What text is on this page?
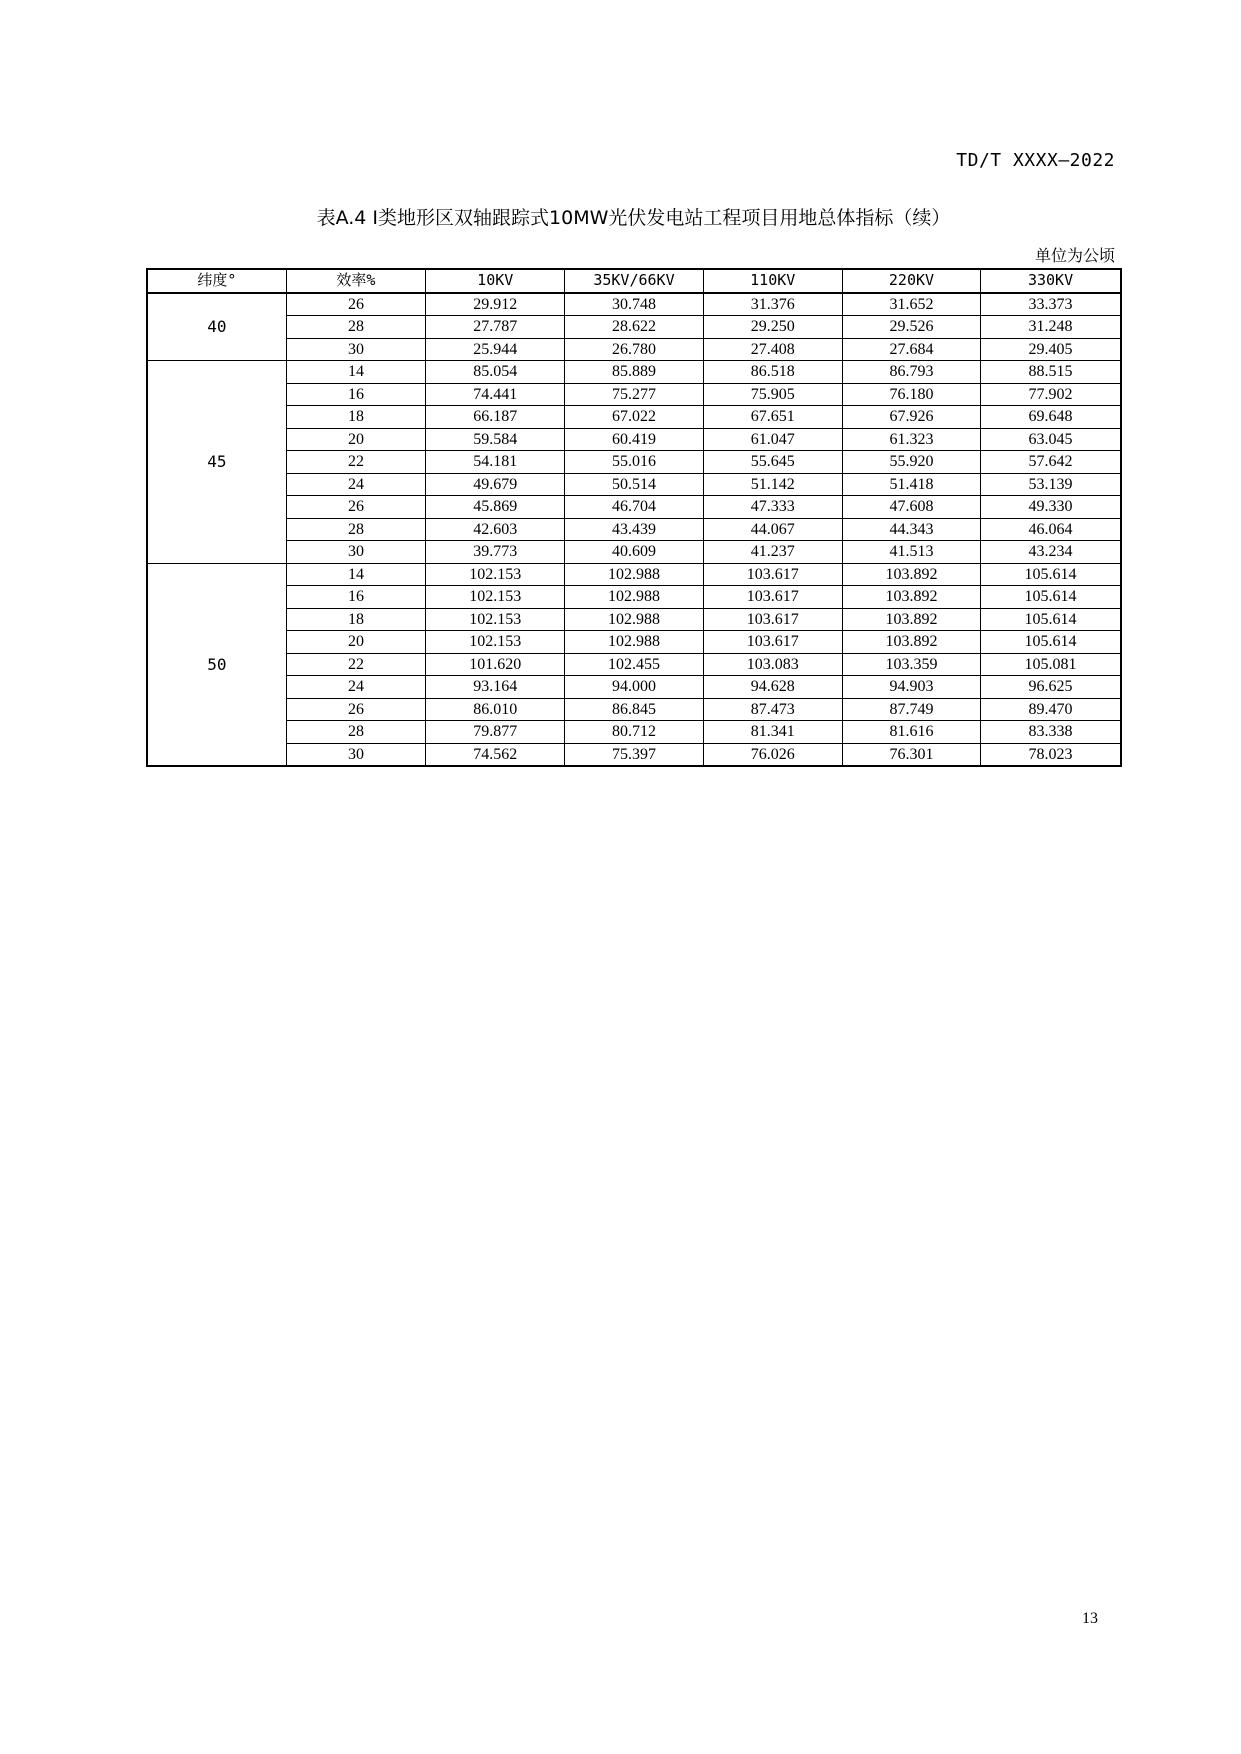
TD/T XXXX—2022
表A.4 Ⅰ类地形区双轴跟踪式10MW光伏发电站工程项目用地总体指标（续）
单位为公顷
纬度°	效率%	10KV	35KV/66KV	110KV	220KV	330KV
40	26	29.912	30.748	31.376	31.652	33.373
	28	27.787	28.622	29.250	29.526	31.248
	30	25.944	26.780	27.408	27.684	29.405
45	14	85.054	85.889	86.518	86.793	88.515
	16	74.441	75.277	75.905	76.180	77.902
	18	66.187	67.022	67.651	67.926	69.648
	20	59.584	60.419	61.047	61.323	63.045
	22	54.181	55.016	55.645	55.920	57.642
	24	49.679	50.514	51.142	51.418	53.139
	26	45.869	46.704	47.333	47.608	49.330
	28	42.603	43.439	44.067	44.343	46.064
	30	39.773	40.609	41.237	41.513	43.234
50	14	102.153	102.988	103.617	103.892	105.614
	16	102.153	102.988	103.617	103.892	105.614
	18	102.153	102.988	103.617	103.892	105.614
	20	102.153	102.988	103.617	103.892	105.614
	22	101.620	102.455	103.083	103.359	105.081
	24	93.164	94.000	94.628	94.903	96.625
	26	86.010	86.845	87.473	87.749	89.470
	28	79.877	80.712	81.341	81.616	83.338
	30	74.562	75.397	76.026	76.301	78.023
13
